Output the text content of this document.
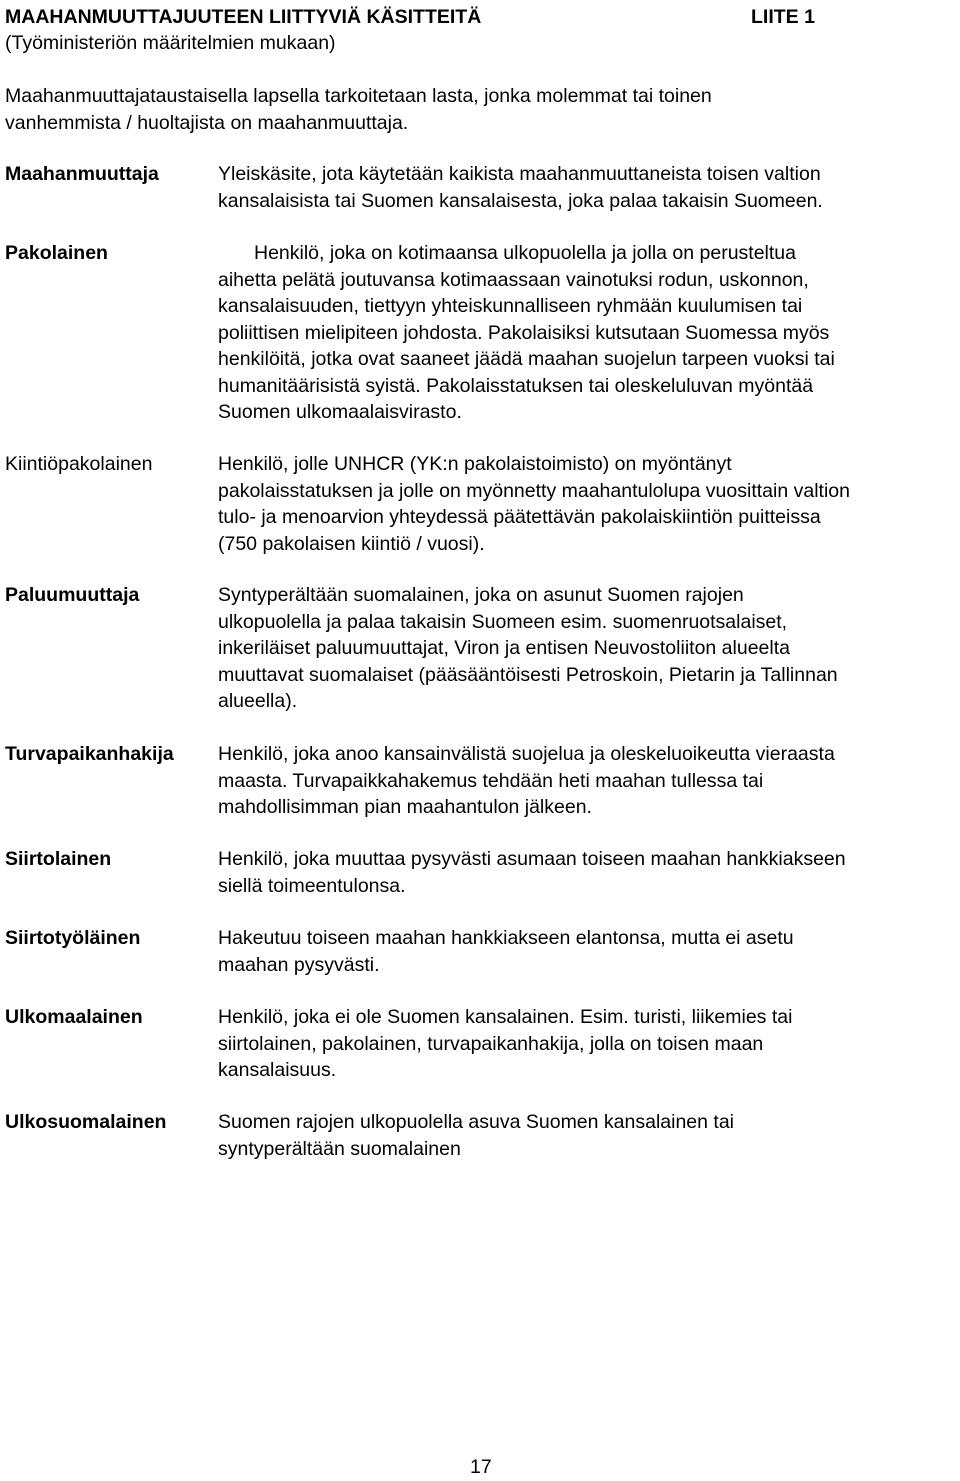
MAAHANMUUTTAJUUTEEN LIITTYVIÄ KÄSITTEITÄ	LIITE 1
(Työministeriön määritelmien mukaan)
Maahanmuuttajataustaisella lapsella tarkoitetaan lasta, jonka molemmat tai toinen
vanhemmista / huoltajista on maahanmuuttaja.
Maahanmuuttaja	Yleiskäsite, jota käytetään kaikista maahanmuuttaneista toisen valtion
kansalaisista tai Suomen kansalaisesta, joka palaa takaisin Suomeen.
Pakolainen	Henkilö, joka on kotimaansa ulkopuolella ja jolla on perusteltua
aihetta pelätä joutuvansa kotimaassaan vainotuksi rodun, uskonnon,
kansalaisuuden, tiettyyn yhteiskunnalliseen ryhmään kuulumisen tai
poliittisen mielipiteen johdosta. Pakolaisiksi kutsutaan Suomessa myös
henkilöitä, jotka ovat saaneet jäädä maahan suojelun tarpeen vuoksi tai
humanitäärisistä syistä. Pakolaisstatuksen tai oleskeluluvan myöntää
Suomen ulkomaalaisvirasto.
Kiintiöpakolainen	Henkilö, jolle UNHCR (YK:n pakolaistoimisto) on myöntänyt
pakolaisstatuksen ja jolle on myönnetty maahantulolupa vuosittain valtion
tulo- ja menoarvion yhteydessä päätettävän pakolaiskiintiön puitteissa
(750 pakolaisen kiintiö / vuosi).
Paluumuuttaja	Syntyperältään suomalainen, joka on asunut Suomen rajojen
ulkopuolella ja palaa takaisin Suomeen esim. suomenruotsalaiset,
inkeriläiset paluumuuttajat, Viron ja entisen Neuvostoliiton alueelta
muuttavat suomalaiset (pääsääntöisesti Petroskoin, Pietarin ja Tallinnan
alueella).
Turvapaikanhakija Henkilö, joka anoo kansainvälistä suojelua ja oleskeluoikeutta vieraasta
maasta. Turvapaikkahakemus tehdään heti maahan tullessa tai
mahdollisimman pian maahantulon jälkeen.
Siirtolainen	Henkilö, joka muuttaa pysyvästi asumaan toiseen maahan hankkiakseen
siellä toimeentulonsa.
Siirtotyöläinen	Hakeutuu toiseen maahan hankkiakseen elantonsa, mutta ei asetu
maahan pysyvästi.
Ulkomaalainen	Henkilö, joka ei ole Suomen kansalainen. Esim. turisti, liikemies tai
siirtolainen, pakolainen, turvapaikanhakija, jolla on toisen maan
kansalaisuus.
Ulkosuomalainen	Suomen rajojen ulkopuolella asuva Suomen kansalainen tai
syntyperältään suomalainen
17
